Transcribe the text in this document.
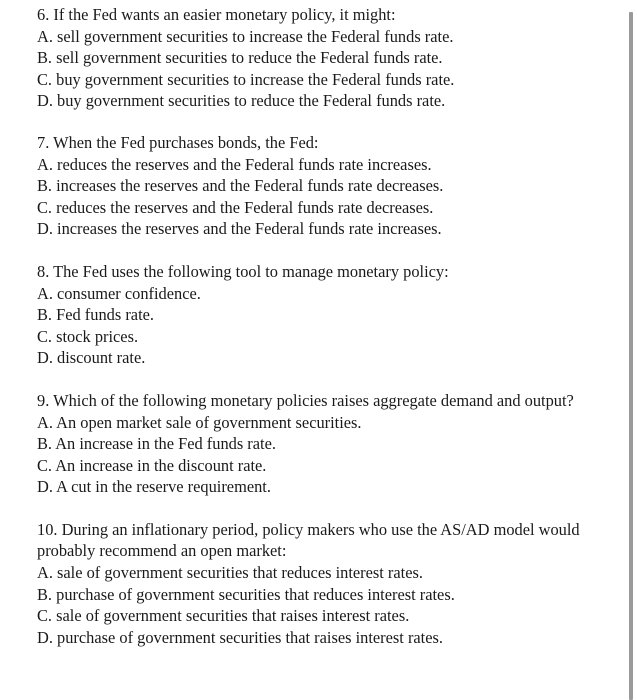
6. If the Fed wants an easier monetary policy, it might:
A. sell government securities to increase the Federal funds rate.
B. sell government securities to reduce the Federal funds rate.
C. buy government securities to increase the Federal funds rate.
D. buy government securities to reduce the Federal funds rate.
7. When the Fed purchases bonds, the Fed:
A. reduces the reserves and the Federal funds rate increases.
B. increases the reserves and the Federal funds rate decreases.
C. reduces the reserves and the Federal funds rate decreases.
D. increases the reserves and the Federal funds rate increases.
8. The Fed uses the following tool to manage monetary policy:
A. consumer confidence.
B. Fed funds rate.
C. stock prices.
D. discount rate.
9. Which of the following monetary policies raises aggregate demand and output?
A. An open market sale of government securities.
B. An increase in the Fed funds rate.
C. An increase in the discount rate.
D. A cut in the reserve requirement.
10. During an inflationary period, policy makers who use the AS/AD model would probably recommend an open market:
A. sale of government securities that reduces interest rates.
B. purchase of government securities that reduces interest rates.
C. sale of government securities that raises interest rates.
D. purchase of government securities that raises interest rates.
